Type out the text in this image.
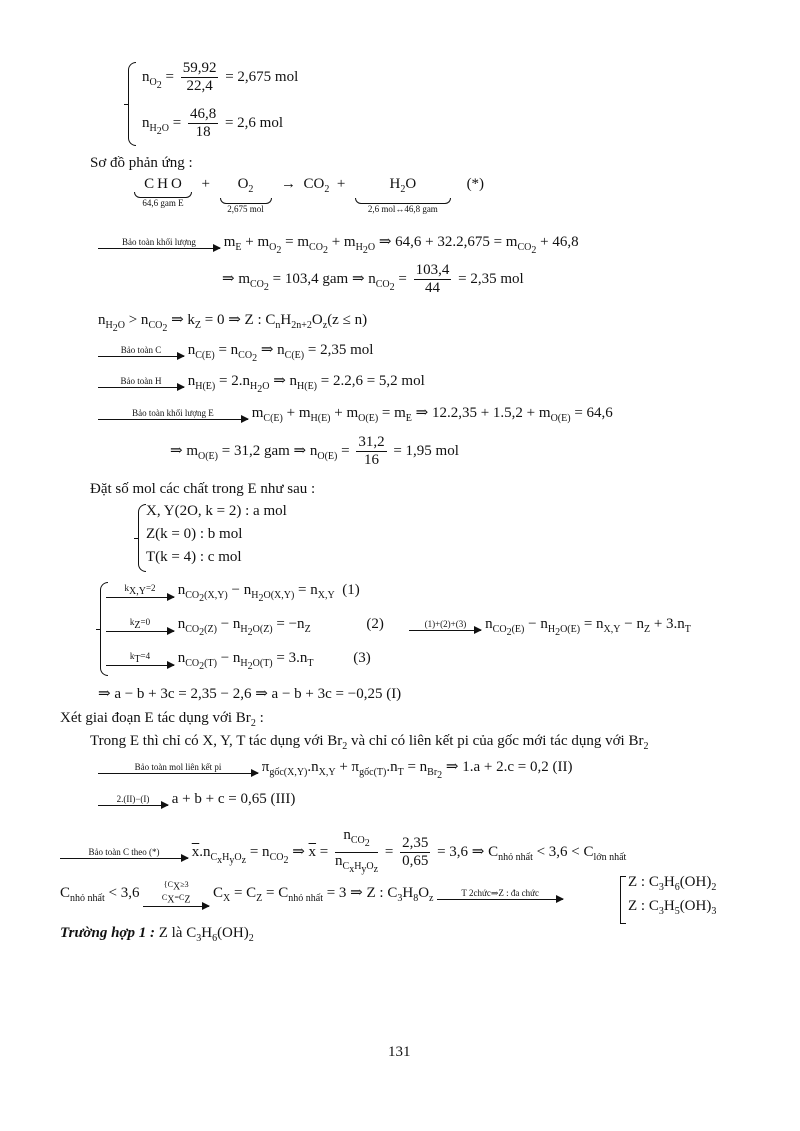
$n_{O_2} = \frac{59,92}{22,4} = 2,675$ mol
$n_{H_2O} = \frac{46,8}{18} = 2,6$ mol
Sơ đồ phản ứng :
C H O
64,6 gam E
+	$O_2$
2,675 mol
→  $CO_2$  +	$H_2O$
2,6 mol↔46,8 gam
(*)
Bảo toàn khối lượng	$m_E + m_{O_2} = m_{CO_2} + m_{H_2O}$ ⇒ $64,6 + 32.2,675 = m_{CO_2} + 46,8$
⇒ $m_{CO_2} = 103,4$ gam ⇒ $n_{CO_2} = \frac{103,4}{44} = 2,35$ mol
$n_{H_2O} > n_{CO_2}$ ⇒ $k_Z = 0$ ⇒ Z : $C_nH_{2n+2}O_z(z \le n)$
Bảo toàn C	$n_{C(E)} = n_{CO_2}$ ⇒ $n_{C(E)} = 2,35$ mol
Bảo toàn H	$n_{H(E)} = 2.n_{H_2O}$ ⇒ $n_{H(E)} = 2.2,6 = 5,2$ mol
Bảo toàn khối lượng E	$m_{C(E)} + m_{H(E)} + m_{O(E)} = m_E$ ⇒ $12.2,35 + 1.5,2 + m_{O(E)} = 64,6$
⇒ $m_{O(E)} = 31,2$ gam ⇒ $n_{O(E)} = \frac{31,2}{16} = 1,95$ mol
Đặt số mol các chất trong E như sau :
X, Y(2O, k = 2) : a mol
Z(k = 0) : b mol
T(k = 4) : c mol
$k_{X,Y}=2$	$n_{CO_2(X,Y)} - n_{H_2O(X,Y)} = n_{X,Y}$ (1)
$k_Z=0$	$n_{CO_2(Z)} - n_{H_2O(Z)} = -n_Z$	(2)	(1)+(2)+(3)	$n_{CO_2(E)} - n_{H_2O(E)} = n_{X,Y} - n_Z + 3.n_T$
$k_T=4$	$n_{CO_2(T)} - n_{H_2O(T)} = 3.n_T$	(3)
⇒ a − b + 3c = 2,35 − 2,6 ⇒ a − b + 3c = −0,25 (I)
Xét giai đoạn E tác dụng với $Br_2$ :
Trong E thì chỉ có X, Y, T tác dụng với $Br_2$ và chỉ có liên kết pi của gốc mới tác dụng với $Br_2$
Bảo toàn mol liên kết pi	$\pi_{gốc(X,Y)}.n_{X,Y} + \pi_{gốc(T)}.n_T = n_{Br_2}$ ⇒ 1.a + 2.c = 0,2 (II)
2.(II)−(I)	a + b + c = 0,65 (III)
Bảo toàn C theo (*)	$\overline{x}.n_{C_xH_yO_z} = n_{CO_2}$ ⇒ $\overline{x} = \frac{n_{CO_2}}{n_{C_xH_yO_z}} = \frac{2,35}{0,65} = 3,6$ ⇒ $C_{nhỏ nhất} < 3,6 < C_{lớn nhất}$
$C_{nhỏ nhất} < 3,6$
{$C_X\ge 3$
$C_X=C_Z$	$C_X = C_Z = C_{nhỏ nhất} = 3$ ⇒ Z : $C_3H_8O_z$
T 2chức⇒Z : đa chức
Z : $C_3H_6(OH)_2$
Z : $C_3H_5(OH)_3$
Trường hợp 1 : Z là $C_3H_6(OH)_2$
131
